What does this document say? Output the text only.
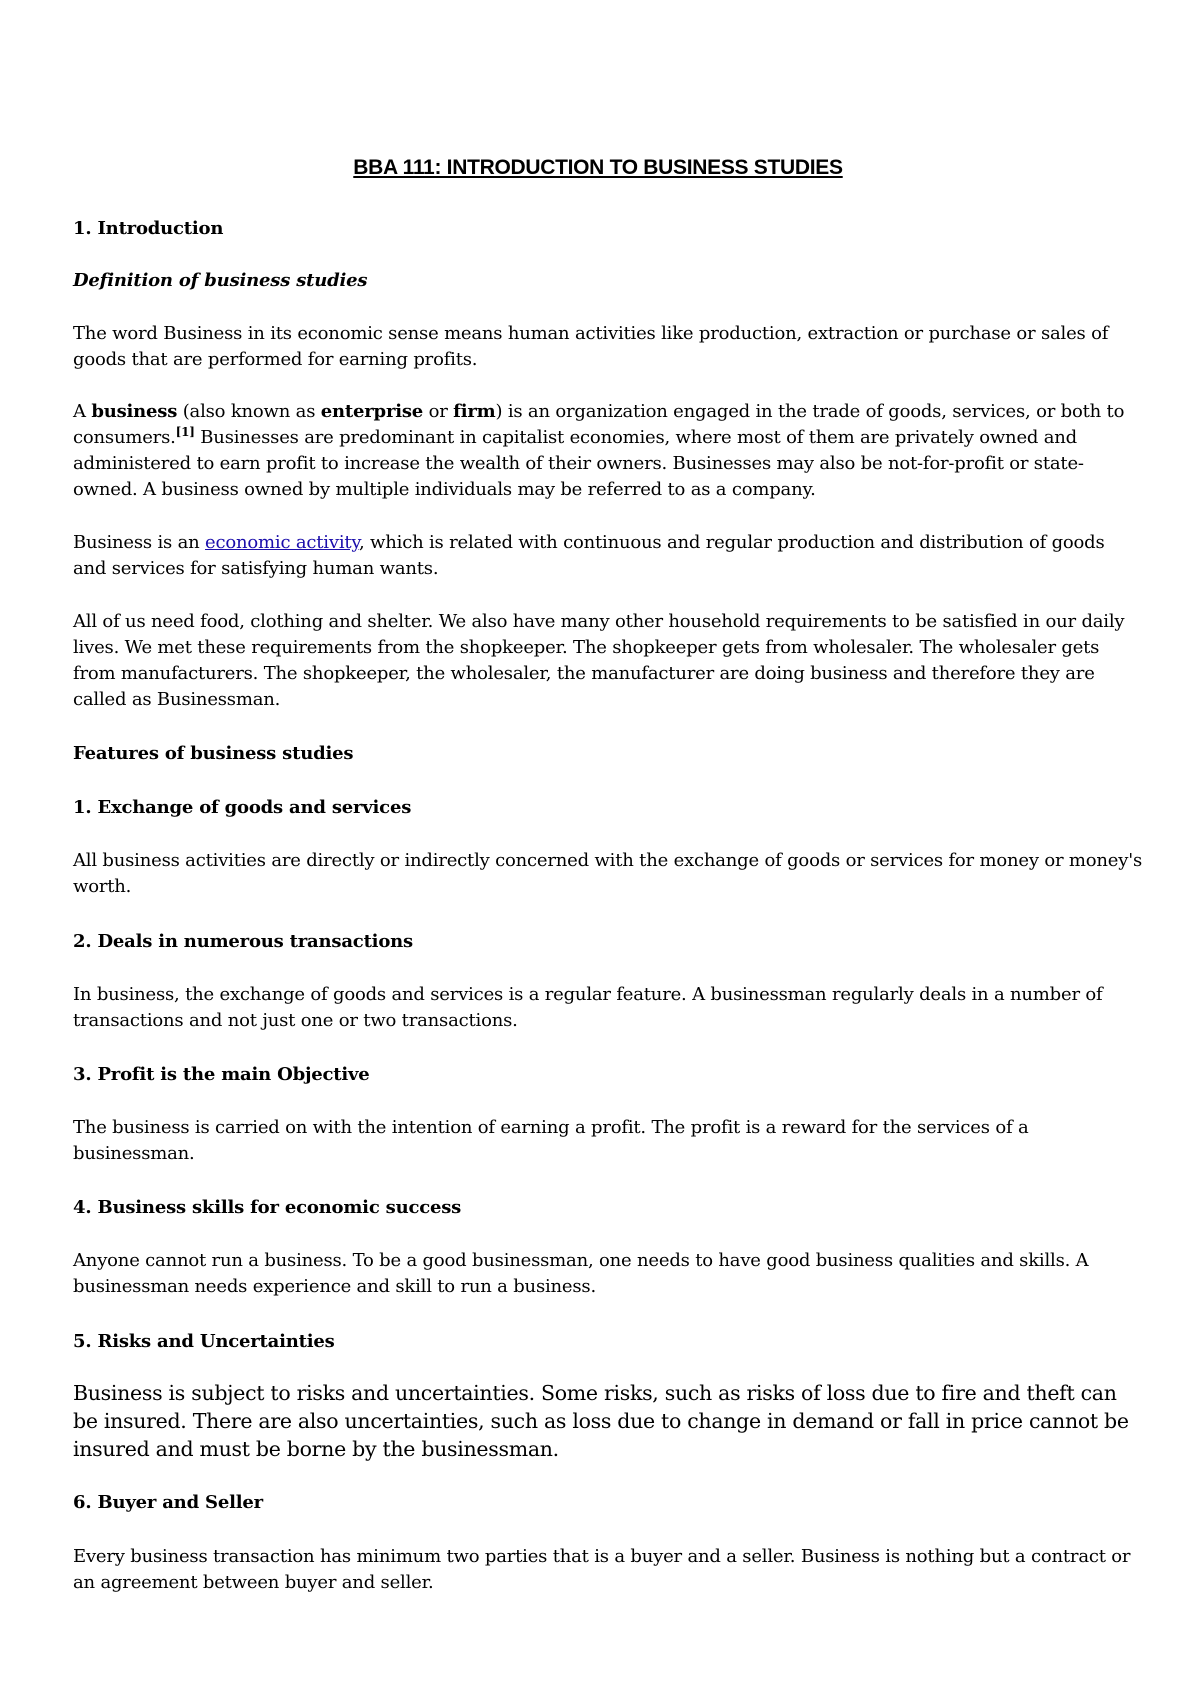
BBA 111: INTRODUCTION TO BUSINESS STUDIES

1. Introduction

Definition of business studies

The word Business in its economic sense means human activities like production, extraction or purchase or sales of goods that are performed for earning profits.

A business (also known as enterprise or firm) is an organization engaged in the trade of goods, services, or both to consumers.[1] Businesses are predominant in capitalist economies, where most of them are privately owned and administered to earn profit to increase the wealth of their owners. Businesses may also be not-for-profit or state-owned. A business owned by multiple individuals may be referred to as a company.

Business is an economic activity, which is related with continuous and regular production and distribution of goods and services for satisfying human wants.

All of us need food, clothing and shelter. We also have many other household requirements to be satisfied in our daily lives. We met these requirements from the shopkeeper. The shopkeeper gets from wholesaler. The wholesaler gets from manufacturers. The shopkeeper, the wholesaler, the manufacturer are doing business and therefore they are called as Businessman.

Features of business studies

1. Exchange of goods and services

All business activities are directly or indirectly concerned with the exchange of goods or services for money or money's worth.

2. Deals in numerous transactions

In business, the exchange of goods and services is a regular feature. A businessman regularly deals in a number of transactions and not just one or two transactions.

3. Profit is the main Objective

The business is carried on with the intention of earning a profit. The profit is a reward for the services of a businessman.

4. Business skills for economic success

Anyone cannot run a business. To be a good businessman, one needs to have good business qualities and skills. A businessman needs experience and skill to run a business.

5. Risks and Uncertainties

Business is subject to risks and uncertainties. Some risks, such as risks of loss due to fire and theft can be insured. There are also uncertainties, such as loss due to change in demand or fall in price cannot be insured and must be borne by the businessman.

6. Buyer and Seller

Every business transaction has minimum two parties that is a buyer and a seller. Business is nothing but a contract or an agreement between buyer and seller.
